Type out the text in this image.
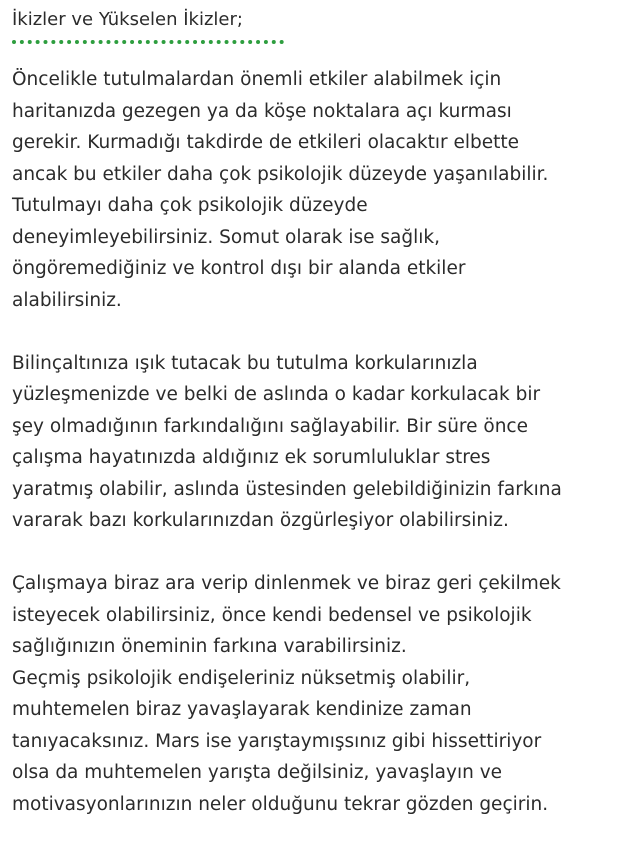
İkizler ve Yükselen İkizler;

Öncelikle tutulmalardan önemli etkiler alabilmek için
haritanızda gezegen ya da köşe noktalara açı kurması
gerekir. Kurmadığı takdirde de etkileri olacaktır elbette
ancak bu etkiler daha çok psikolojik düzeyde yaşanılabilir.
Tutulmayı daha çok psikolojik düzeyde
deneyimleyebilirsiniz. Somut olarak ise sağlık,
öngöremediğiniz ve kontrol dışı bir alanda etkiler
alabilirsiniz.

Bilinçaltınıza ışık tutacak bu tutulma korkularınızla
yüzleşmenizde ve belki de aslında o kadar korkulacak bir
şey olmadığının farkındalığını sağlayabilir. Bir süre önce
çalışma hayatınızda aldığınız ek sorumluluklar stres
yaratmış olabilir, aslında üstesinden gelebildiğinizin farkına
vararak bazı korkularınızdan özgürleşiyor olabilirsiniz.

Çalışmaya biraz ara verip dinlenmek ve biraz geri çekilmek
isteyecek olabilirsiniz, önce kendi bedensel ve psikolojik
sağlığınızın öneminin farkına varabilirsiniz.

Geçmiş psikolojik endişeleriniz nüksetmiş olabilir,
muhtemelen biraz yavaşlayarak kendinize zaman
tanıyacaksınız. Mars ise yarıştaymışsınız gibi hissettiriyor
olsa da muhtemelen yarışta değilsiniz, yavaşlayın ve
motivasyonlarınızın neler olduğunu tekrar gözden geçirin.
